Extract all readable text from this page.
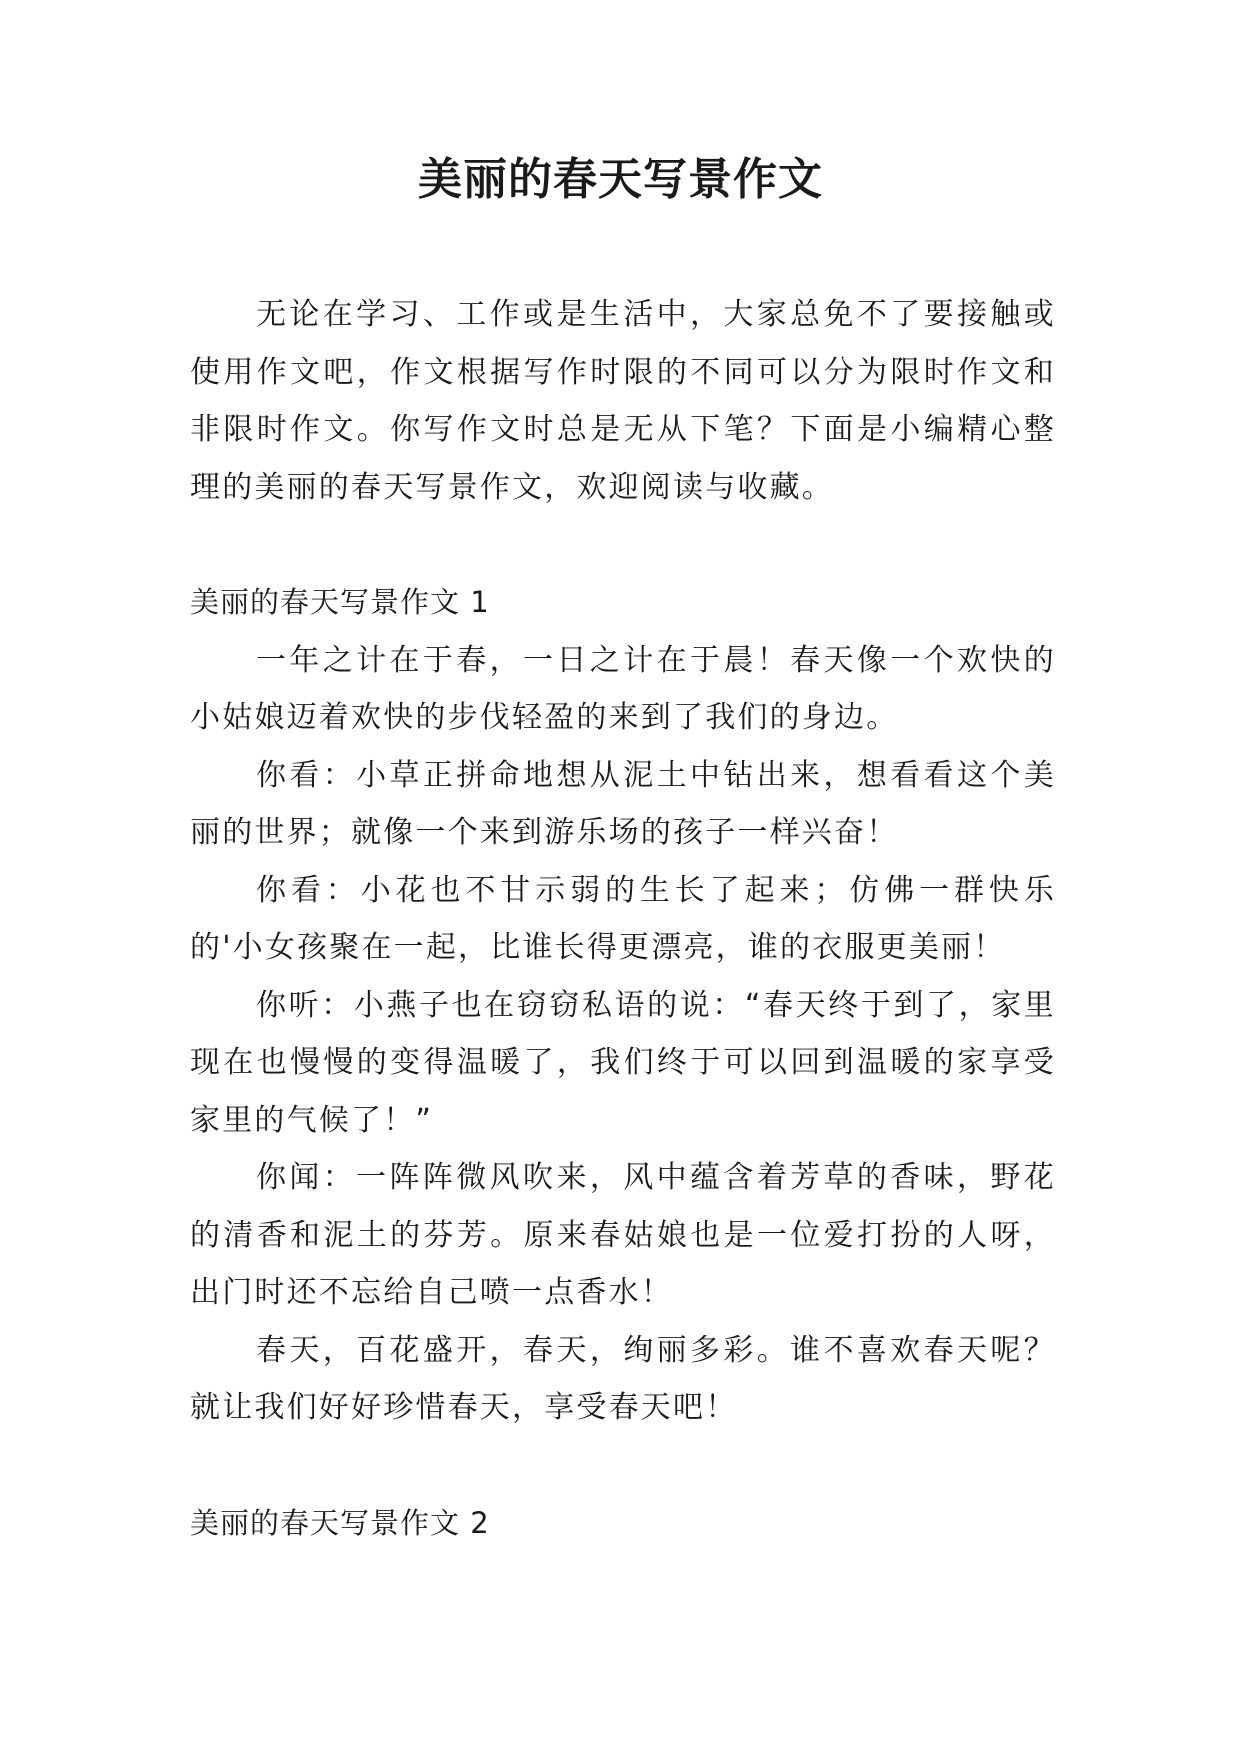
美丽的春天写景作文

无论在学习、工作或是生活中，大家总免不了要接触或使用作文吧，作文根据写作时限的不同可以分为限时作文和非限时作文。你写作文时总是无从下笔？下面是小编精心整理的美丽的春天写景作文，欢迎阅读与收藏。

美丽的春天写景作文 1

一年之计在于春，一日之计在于晨！春天像一个欢快的小姑娘迈着欢快的步伐轻盈的来到了我们的身边。

你看：小草正拼命地想从泥土中钻出来，想看看这个美丽的世界；就像一个来到游乐场的孩子一样兴奋！

你看：小花也不甘示弱的生长了起来；仿佛一群快乐的'小女孩聚在一起，比谁长得更漂亮，谁的衣服更美丽！

你听：小燕子也在窃窃私语的说：“春天终于到了，家里现在也慢慢的变得温暖了，我们终于可以回到温暖的家享受家里的气候了！”

你闻：一阵阵微风吹来，风中蕴含着芳草的香味，野花的清香和泥土的芬芳。原来春姑娘也是一位爱打扮的人呀，出门时还不忘给自己喷一点香水！

春天，百花盛开，春天，绚丽多彩。谁不喜欢春天呢？就让我们好好珍惜春天，享受春天吧！

美丽的春天写景作文 2
